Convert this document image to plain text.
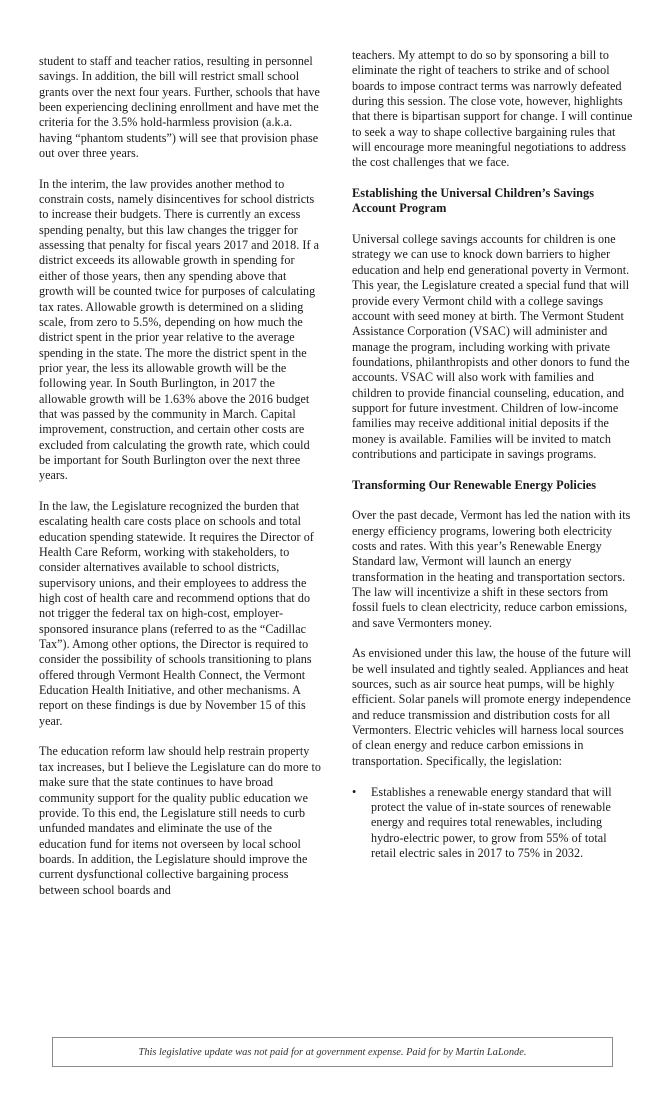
student to staff and teacher ratios, resulting in personnel savings. In addition, the bill will restrict small school grants over the next four years. Further, schools that have been experiencing declining enrollment and have met the criteria for the 3.5% hold-harmless provision (a.k.a. having “phantom students”) will see that provision phase out over three years.

In the interim, the law provides another method to constrain costs, namely disincentives for school districts to increase their budgets. There is currently an excess spending penalty, but this law changes the trigger for assessing that penalty for fiscal years 2017 and 2018. If a district exceeds its allowable growth in spending for either of those years, then any spending above that growth will be counted twice for purposes of calculating tax rates. Allowable growth is determined on a sliding scale, from zero to 5.5%, depending on how much the district spent in the prior year relative to the average spending in the state. The more the district spent in the prior year, the less its allowable growth will be the following year. In South Burlington, in 2017 the allowable growth will be 1.63% above the 2016 budget that was passed by the community in March. Capital improvement, construction, and certain other costs are excluded from calculating the growth rate, which could be important for South Burlington over the next three years.

In the law, the Legislature recognized the burden that escalating health care costs place on schools and total education spending statewide. It requires the Director of Health Care Reform, working with stakeholders, to consider alternatives available to school districts, supervisory unions, and their employees to address the high cost of health care and recommend options that do not trigger the federal tax on high-cost, employer-sponsored insurance plans (referred to as the “Cadillac Tax”). Among other options, the Director is required to consider the possibility of schools transitioning to plans offered through Vermont Health Connect, the Vermont Education Health Initiative, and other mechanisms. A report on these findings is due by November 15 of this year.

The education reform law should help restrain property tax increases, but I believe the Legislature can do more to make sure that the state continues to have broad community support for the quality public education we provide. To this end, the Legislature still needs to curb unfunded mandates and eliminate the use of the education fund for items not overseen by local school boards. In addition, the Legislature should improve the current dysfunctional collective bargaining process between school boards and

teachers. My attempt to do so by sponsoring a bill to eliminate the right of teachers to strike and of school boards to impose contract terms was narrowly defeated during this session. The close vote, however, highlights that there is bipartisan support for change. I will continue to seek a way to shape collective bargaining rules that will encourage more meaningful negotiations to address the cost challenges that we face.

Establishing the Universal Children’s Savings Account Program

Universal college savings accounts for children is one strategy we can use to knock down barriers to higher education and help end generational poverty in Vermont. This year, the Legislature created a special fund that will provide every Vermont child with a college savings account with seed money at birth. The Vermont Student Assistance Corporation (VSAC) will administer and manage the program, including working with private foundations, philanthropists and other donors to fund the accounts. VSAC will also work with families and children to provide financial counseling, education, and support for future investment. Children of low-income families may receive additional initial deposits if the money is available. Families will be invited to match contributions and participate in savings programs.

Transforming Our Renewable Energy Policies

Over the past decade, Vermont has led the nation with its energy efficiency programs, lowering both electricity costs and rates. With this year’s Renewable Energy Standard law, Vermont will launch an energy transformation in the heating and transportation sectors. The law will incentivize a shift in these sectors from fossil fuels to clean electricity, reduce carbon emissions, and save Vermonters money.

As envisioned under this law, the house of the future will be well insulated and tightly sealed. Appliances and heat sources, such as air source heat pumps, will be highly efficient. Solar panels will promote energy independence and reduce transmission and distribution costs for all Vermonters. Electric vehicles will harness local sources of clean energy and reduce carbon emissions in transportation. Specifically, the legislation:

• Establishes a renewable energy standard that will protect the value of in-state sources of renewable energy and requires total renewables, including hydro-electric power, to grow from 55% of total retail electric sales in 2017 to 75% in 2032.
This legislative update was not paid for at government expense. Paid for by Martin LaLonde.
